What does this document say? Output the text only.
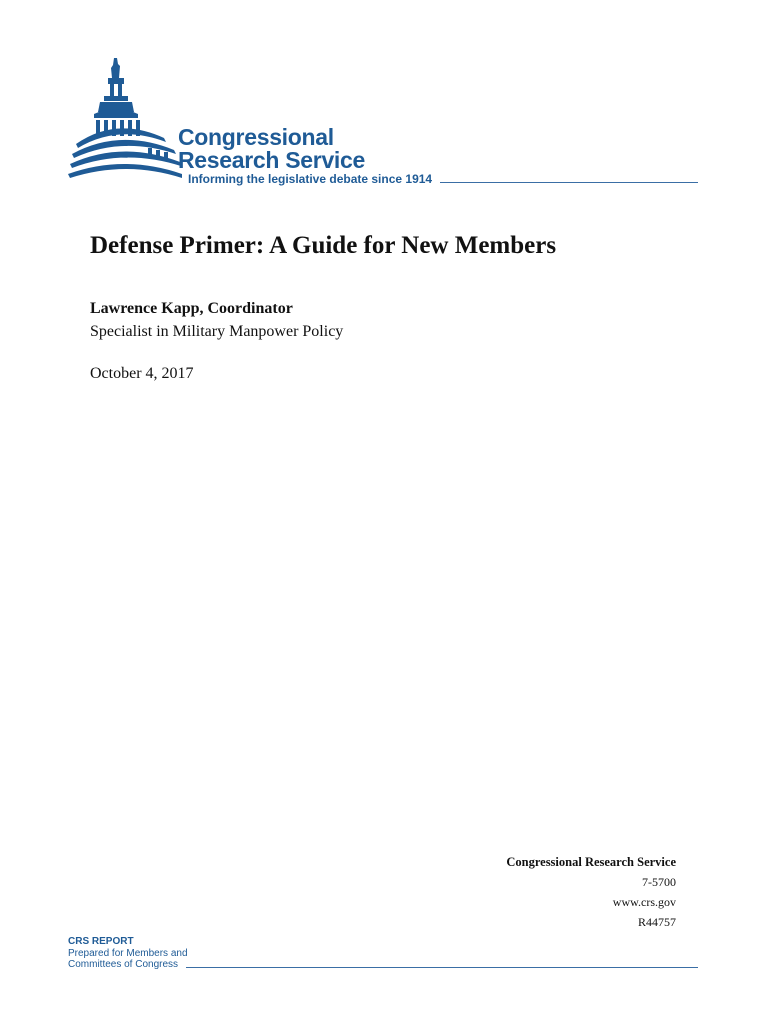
Congressional
Research Service
Informing the legislative debate since 1914
Defense Primer: A Guide for New Members
Lawrence Kapp, Coordinator
Specialist in Military Manpower Policy
October 4, 2017
Congressional Research Service
7-5700
www.crs.gov
R44757
CRS REPORT
Prepared for Members and
Committees of Congress
